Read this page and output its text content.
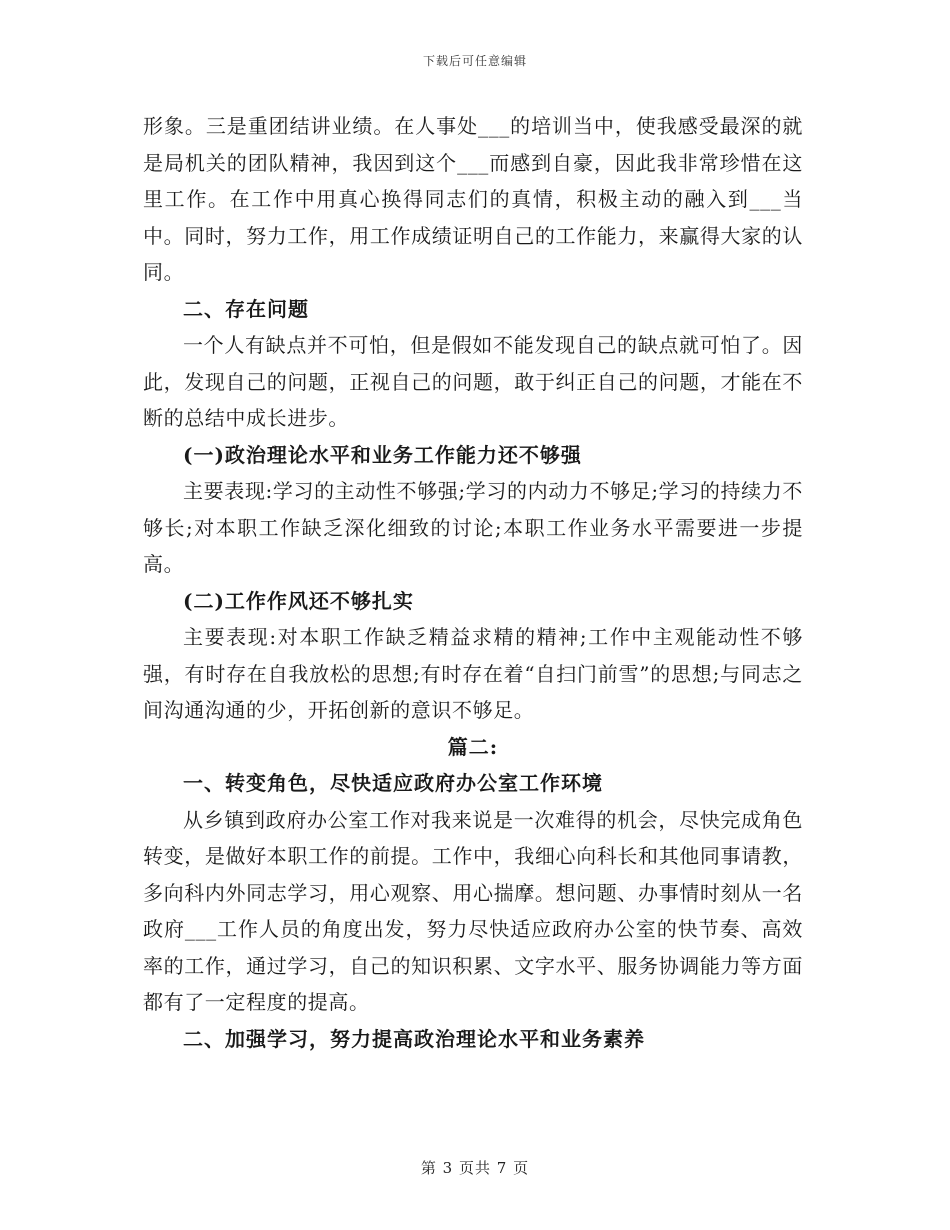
下载后可任意编辑

形象。三是重团结讲业绩。在人事处___的培训当中，使我感受最深的就是局机关的团队精神，我因到这个___而感到自豪，因此我非常珍惜在这里工作。在工作中用真心换得同志们的真情，积极主动的融入到___当中。同时，努力工作，用工作成绩证明自己的工作能力，来赢得大家的认同。

二、存在问题

一个人有缺点并不可怕，但是假如不能发现自己的缺点就可怕了。因此，发现自己的问题，正视自己的问题，敢于纠正自己的问题，才能在不断的总结中成长进步。

(一)政治理论水平和业务工作能力还不够强

主要表现:学习的主动性不够强;学习的内动力不够足;学习的持续力不够长;对本职工作缺乏深化细致的讨论;本职工作业务水平需要进一步提高。

(二)工作作风还不够扎实

主要表现:对本职工作缺乏精益求精的精神;工作中主观能动性不够强，有时存在自我放松的思想;有时存在着“自扫门前雪”的思想;与同志之间沟通沟通的少，开拓创新的意识不够足。

篇二:

一、转变角色，尽快适应政府办公室工作环境

从乡镇到政府办公室工作对我来说是一次难得的机会，尽快完成角色转变，是做好本职工作的前提。工作中，我细心向科长和其他同事请教，多向科内外同志学习，用心观察、用心揣摩。想问题、办事情时刻从一名政府___工作人员的角度出发，努力尽快适应政府办公室的快节奏、高效率的工作，通过学习，自己的知识积累、文字水平、服务协调能力等方面都有了一定程度的提高。

二、加强学习，努力提高政治理论水平和业务素养

第 3 页共 7 页
